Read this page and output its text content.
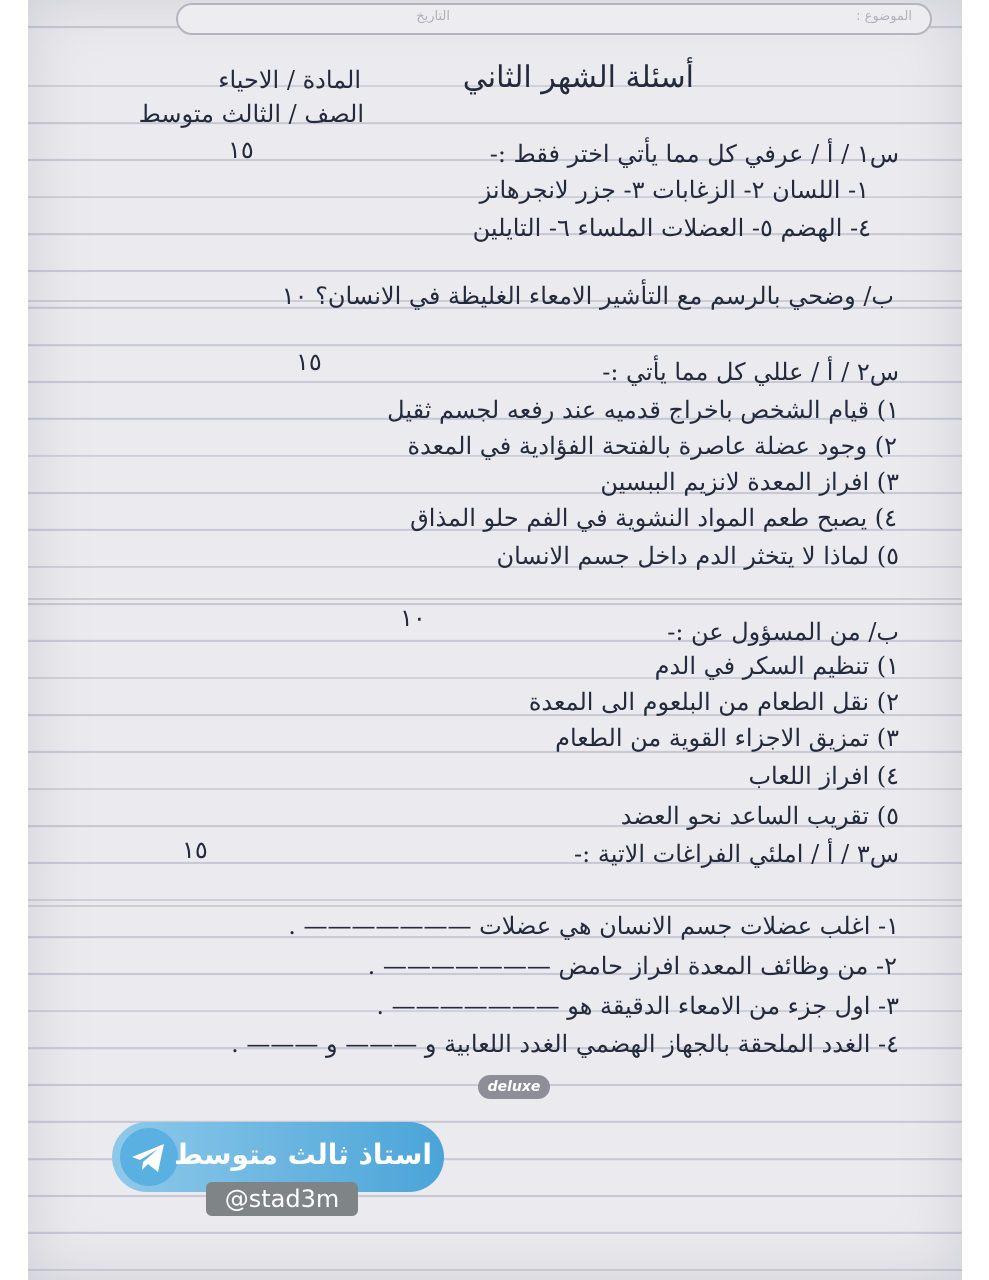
الموضوع :
التاريخ
أسئلة الشهر الثاني
المادة / الاحياء
الصف / الثالث متوسط
س١ / أ / عرفي كل مما يأتي اختر فقط :-
١٥
١- اللسان ٢- الزغابات ٣- جزر لانجرهانز
٤- الهضم ٥- العضلات الملساء ٦- التايلين
ب/ وضحي بالرسم مع التأشير الامعاء الغليظة في الانسان؟ ١٠
س٢ / أ / عللي كل مما يأتي :-
١٥
١) قيام الشخص باخراج قدميه عند رفعه لجسم ثقيل
٢) وجود عضلة عاصرة بالفتحة الفؤادية في المعدة
٣) افراز المعدة لانزيم الببسين
٤) يصبح طعم المواد النشوية في الفم حلو المذاق
٥) لماذا لا يتخثر الدم داخل جسم الانسان
ب/ من المسؤول عن :-
١٠
١) تنظيم السكر في الدم
٢) نقل الطعام من البلعوم الى المعدة
٣) تمزيق الاجزاء القوية من الطعام
٤) افراز اللعاب
٥) تقريب الساعد نحو العضد
س٣ / أ / املئي الفراغات الاتية :-
١٥
١- اغلب عضلات جسم الانسان هي عضلات ——————— .
٢- من وظائف المعدة افراز حامض ——————— .
٣- اول جزء من الامعاء الدقيقة هو ——————— .
٤- الغدد الملحقة بالجهاز الهضمي الغدد اللعابية و ——— و ——— .
deluxe
استاذ ثالث متوسط
@stad3m
